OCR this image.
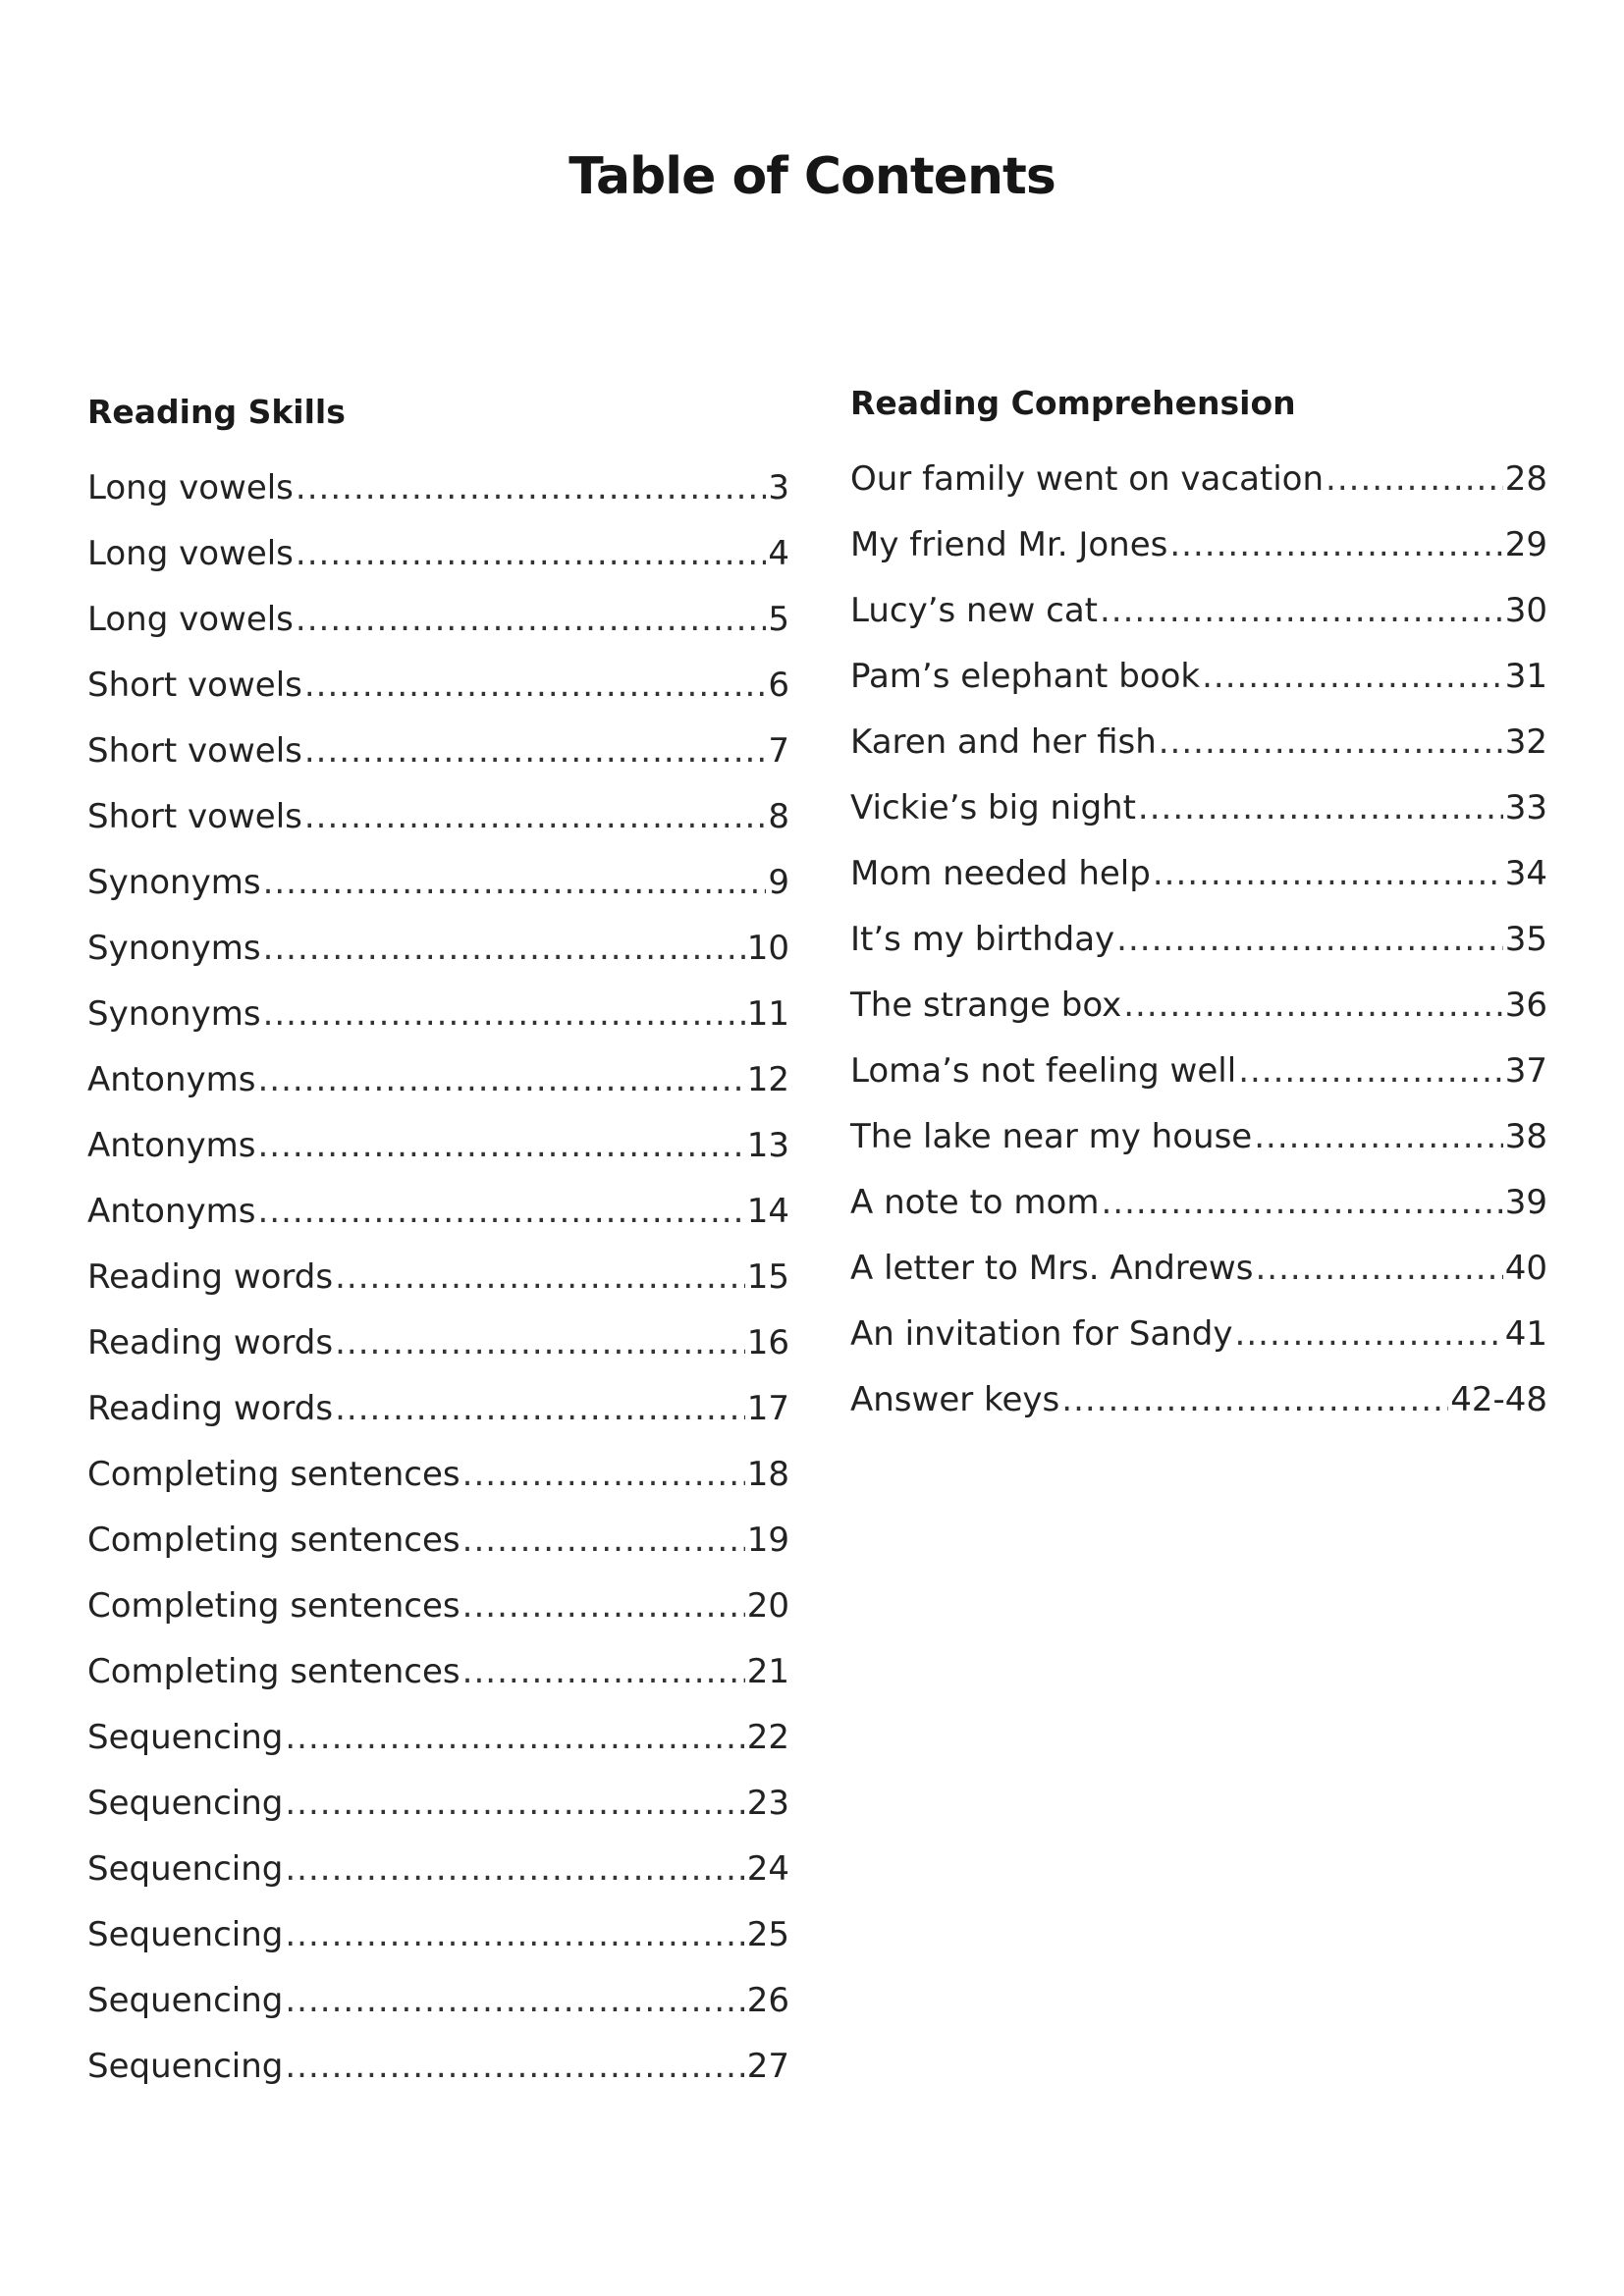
Table of Contents
Reading Skills
Long vowels .....	3
Long vowels .....	4
Long vowels .....	5
Short vowels .....	6
Short vowels .....	7
Short vowels .....	8
Synonyms .....	9
Synonyms .....	10
Synonyms .....	11
Antonyms .....	12
Antonyms .....	13
Antonyms .....	14
Reading words .....	15
Reading words .....	16
Reading words .....	17
Completing sentences .....	18
Completing sentences .....	19
Completing sentences .....	20
Completing sentences .....	21
Sequencing .....	22
Sequencing .....	23
Sequencing .....	24
Sequencing .....	25
Sequencing .....	26
Sequencing .....	27
Reading Comprehension
Our family went on vacation .....	28
My friend Mr. Jones .....	29
Lucy’s new cat .....	30
Pam’s elephant book .....	31
Karen and her fish .....	32
Vickie’s big night .....	33
Mom needed help .....	34
It’s my birthday .....	35
The strange box .....	36
Loma’s not feeling well .....	37
The lake near my house .....	38
A note to mom .....	39
A letter to Mrs. Andrews .....	40
An invitation for Sandy .....	41
Answer keys .....	42-48
